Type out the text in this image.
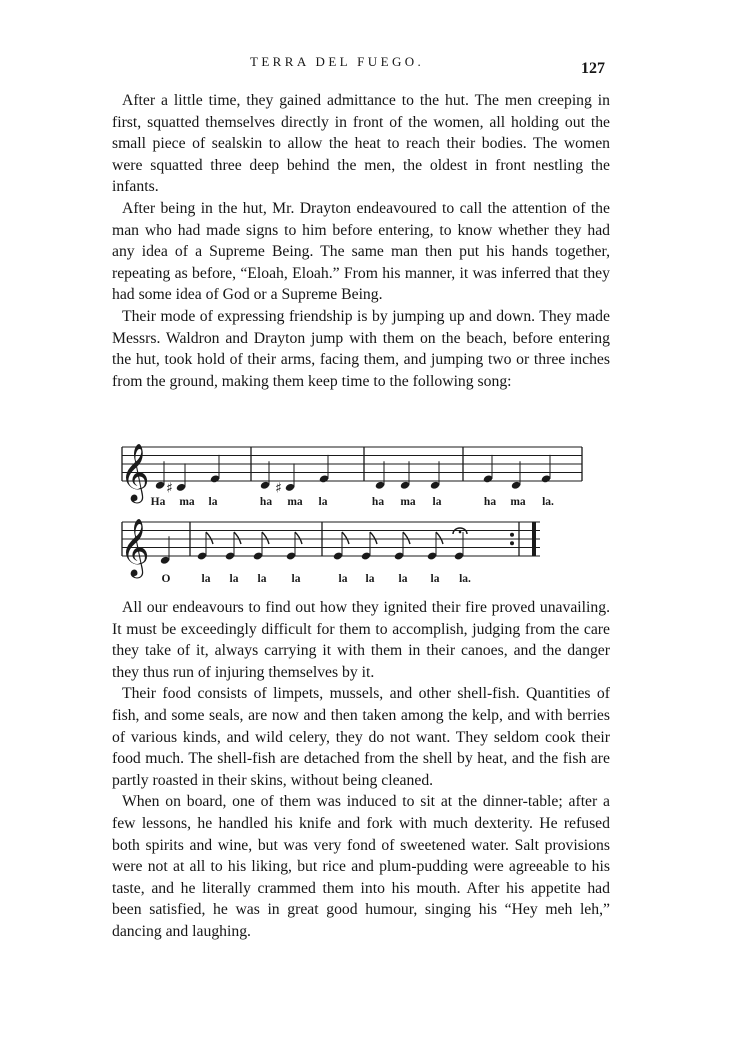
TERRA DEL FUEGO.	127

After a little time, they gained admittance to the hut. The men creeping in first, squatted themselves directly in front of the women, all holding out the small piece of sealskin to allow the heat to reach their bodies. The women were squatted three deep behind the men, the oldest in front nestling the infants.

After being in the hut, Mr. Drayton endeavoured to call the attention of the man who had made signs to him before entering, to know whether they had any idea of a Supreme Being. The same man then put his hands together, repeating as before, “Eloah, Eloah.” From his manner, it was inferred that they had some idea of God or a Supreme Being.

Their mode of expressing friendship is by jumping up and down. They made Messrs. Waldron and Drayton jump with them on the beach, before entering the hut, took hold of their arms, facing them, and jumping two or three inches from the ground, making them keep time to the following song:

𝄞
𝄞
♯	♯
Ha ma la	ha ma la	ha ma la	ha ma la.
O	la la la la	la la la la la.

All our endeavours to find out how they ignited their fire proved unavailing. It must be exceedingly difficult for them to accomplish, judging from the care they take of it, always carrying it with them in their canoes, and the danger they thus run of injuring themselves by it.

Their food consists of limpets, mussels, and other shell-fish. Quantities of fish, and some seals, are now and then taken among the kelp, and with berries of various kinds, and wild celery, they do not want. They seldom cook their food much. The shell-fish are detached from the shell by heat, and the fish are partly roasted in their skins, without being cleaned.

When on board, one of them was induced to sit at the dinner-table; after a few lessons, he handled his knife and fork with much dexterity. He refused both spirits and wine, but was very fond of sweetened water. Salt provisions were not at all to his liking, but rice and plum-pudding were agreeable to his taste, and he literally crammed them into his mouth. After his appetite had been satisfied, he was in great good humour, singing his “Hey meh leh,” dancing and laughing.
